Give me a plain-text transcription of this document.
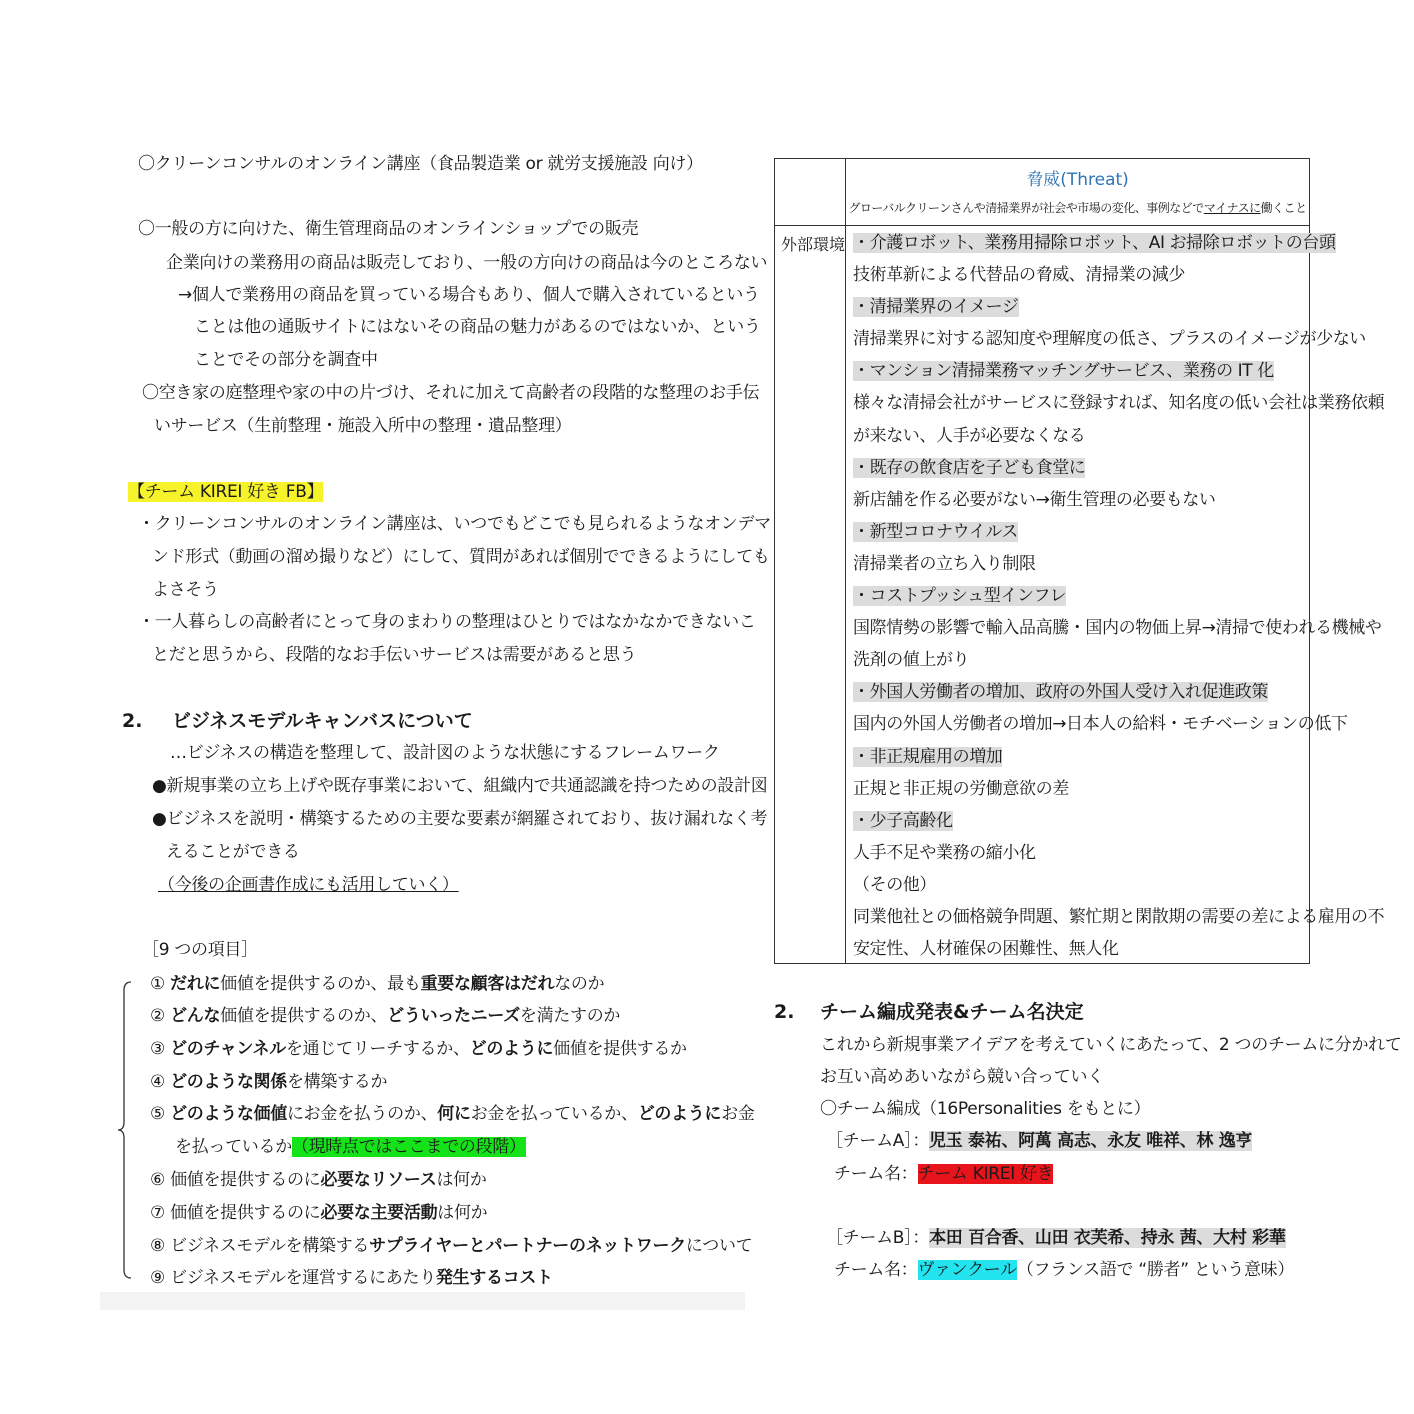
〇クリーンコンサルのオンライン講座（食品製造業 or 就労支援施設 向け）
〇一般の方に向けた、衛生管理商品のオンラインショップでの販売
企業向けの業務用の商品は販売しており、一般の方向けの商品は今のところない
→個人で業務用の商品を買っている場合もあり、個人で購入されているという
ことは他の通販サイトにはないその商品の魅力があるのではないか、という
ことでその部分を調査中
〇空き家の庭整理や家の中の片づけ、それに加えて高齢者の段階的な整理のお手伝
いサービス（生前整理・施設入所中の整理・遺品整理）
【チーム KIREI 好き FB】
・クリーンコンサルのオンライン講座は、いつでもどこでも見られるようなオンデマ
ンド形式（動画の溜め撮りなど）にして、質問があれば個別でできるようにしても
よさそう
・一人暮らしの高齢者にとって身のまわりの整理はひとりではなかなかできないこ
とだと思うから、段階的なお手伝いサービスは需要があると思う
2. ビジネスモデルキャンバスについて
…ビジネスの構造を整理して、設計図のような状態にするフレームワーク
●新規事業の立ち上げや既存事業において、組織内で共通認識を持つための設計図
●ビジネスを説明・構築するための主要な要素が網羅されており、抜け漏れなく考
えることができる
（今後の企画書作成にも活用していく）
［9 つの項目］
① だれに価値を提供するのか、最も重要な顧客はだれなのか
② どんな価値を提供するのか、どういったニーズを満たすのか
③ どのチャンネルを通じてリーチするか、どのように価値を提供するか
④ どのような関係を構築するか
⑤ どのような価値にお金を払うのか、何にお金を払っているか、どのようにお金
を払っているか（現時点ではここまでの段階）
⑥ 価値を提供するのに必要なリソースは何か
⑦ 価値を提供するのに必要な主要活動は何か
⑧ ビジネスモデルを構築するサプライヤーとパートナーのネットワークについて
⑨ ビジネスモデルを運営するにあたり発生するコスト
脅威(Threat)
グローバルクリーンさんや清掃業界が社会や市場の変化、事例などでマイナスに働くこと
外部環境 ・介護ロボット、業務用掃除ロボット、AI お掃除ロボットの台頭
技術革新による代替品の脅威、清掃業の減少
・清掃業界のイメージ
清掃業界に対する認知度や理解度の低さ、プラスのイメージが少ない
・マンション清掃業務マッチングサービス、業務の IT 化
様々な清掃会社がサービスに登録すれば、知名度の低い会社は業務依頼
が来ない、人手が必要なくなる
・既存の飲食店を子ども食堂に
新店舗を作る必要がない→衛生管理の必要もない
・新型コロナウイルス
清掃業者の立ち入り制限
・コストプッシュ型インフレ
国際情勢の影響で輸入品高騰・国内の物価上昇→清掃で使われる機械や
洗剤の値上がり
・外国人労働者の増加、政府の外国人受け入れ促進政策
国内の外国人労働者の増加→日本人の給料・モチベーションの低下
・非正規雇用の増加
正規と非正規の労働意欲の差
・少子高齢化
人手不足や業務の縮小化
（その他）
同業他社との価格競争問題、繁忙期と閑散期の需要の差による雇用の不
安定性、人材確保の困難性、無人化
2. チーム編成発表&チーム名決定
これから新規事業アイデアを考えていくにあたって、2 つのチームに分かれて
お互い高めあいながら競い合っていく
〇チーム編成（16Personalities をもとに）
［チームA］：児玉 泰祐、阿萬 高志、永友 唯祥、林 逸亨
チーム名：チーム KIREI 好き
［チームB］：本田 百合香、山田 衣芙希、持永 茜、大村 彩華
チーム名：ヴァンクール（フランス語で “勝者” という意味）
